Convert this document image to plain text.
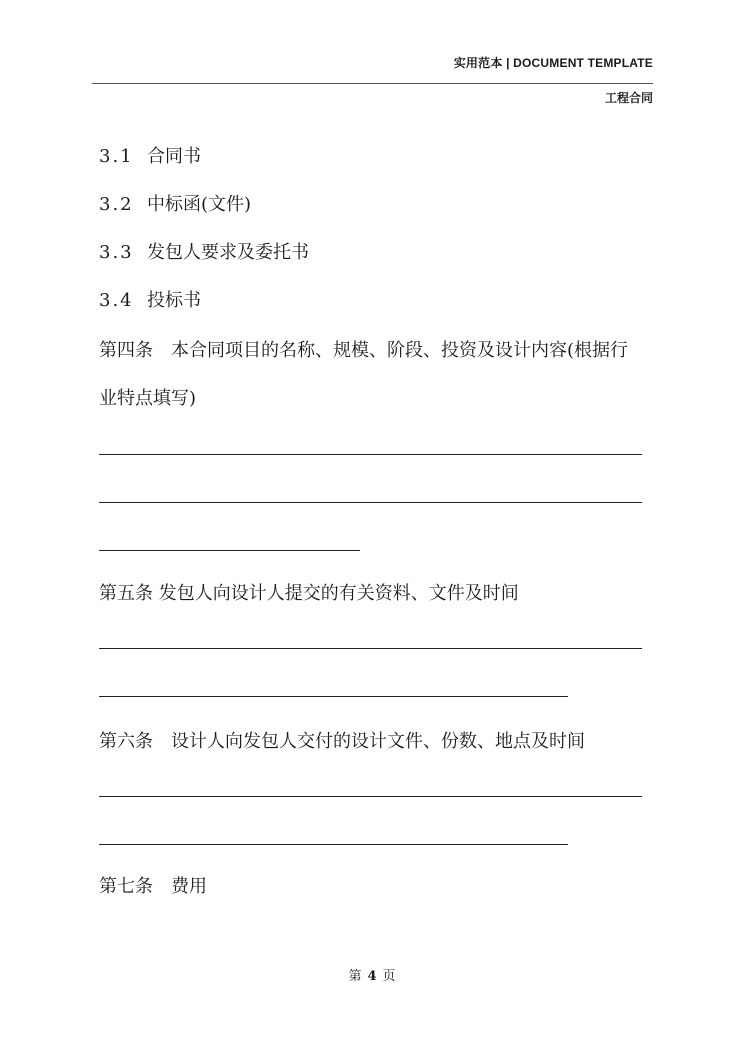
实用范本 | DOCUMENT TEMPLATE
工程合同
3.1 合同书
3.2 中标函(文件)
3.3 发包人要求及委托书
3.4 投标书
第四条　本合同项目的名称、规模、阶段、投资及设计内容(根据行
业特点填写)
第五条 发包人向设计人提交的有关资料、文件及时间
第六条　设计人向发包人交付的设计文件、份数、地点及时间
第七条　费用
第 4 页
